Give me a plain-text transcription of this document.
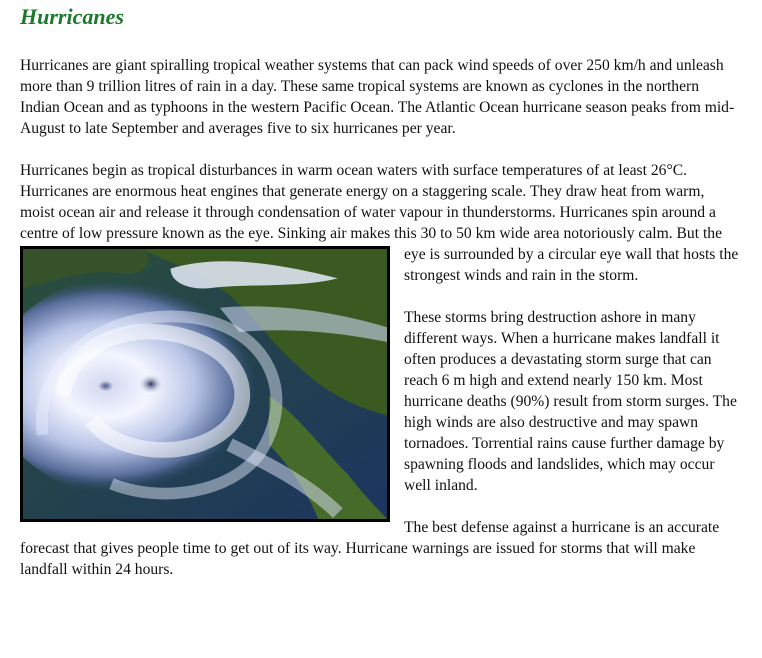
Hurricanes

Hurricanes are giant spiralling tropical weather systems that can pack wind speeds of over 250 km/h and unleash more than 9 trillion litres of rain in a day. These same tropical systems are known as cyclones in the northern Indian Ocean and as typhoons in the western Pacific Ocean. The Atlantic Ocean hurricane season peaks from mid-August to late September and averages five to six hurricanes per year.

Hurricanes begin as tropical disturbances in warm ocean waters with surface temperatures of at least 26°C. Hurricanes are enormous heat engines that generate energy on a staggering scale. They draw heat from warm, moist ocean air and release it through condensation of water vapour in thunderstorms. Hurricanes spin around a centre of low pressure known as the eye. Sinking air makes this 30 to 50 km wide area notoriously calm. But the eye is surrounded by a circular eye
wall that hosts the strongest winds and rain in the storm.

These storms bring destruction ashore in many different ways. When a hurricane makes landfall it often produces a devastating storm surge that can reach 6 m high and extend nearly 150 km. Most hurricane deaths (90%) result from storm surges. The high winds are also destructive and may spawn tornadoes. Torrential rains cause further damage by spawning floods and landslides, which may occur well inland.

The best defense against a hurricane is an accurate forecast that gives people time to get out of its way. Hurricane warnings are issued for storms that will make landfall within 24 hours.
